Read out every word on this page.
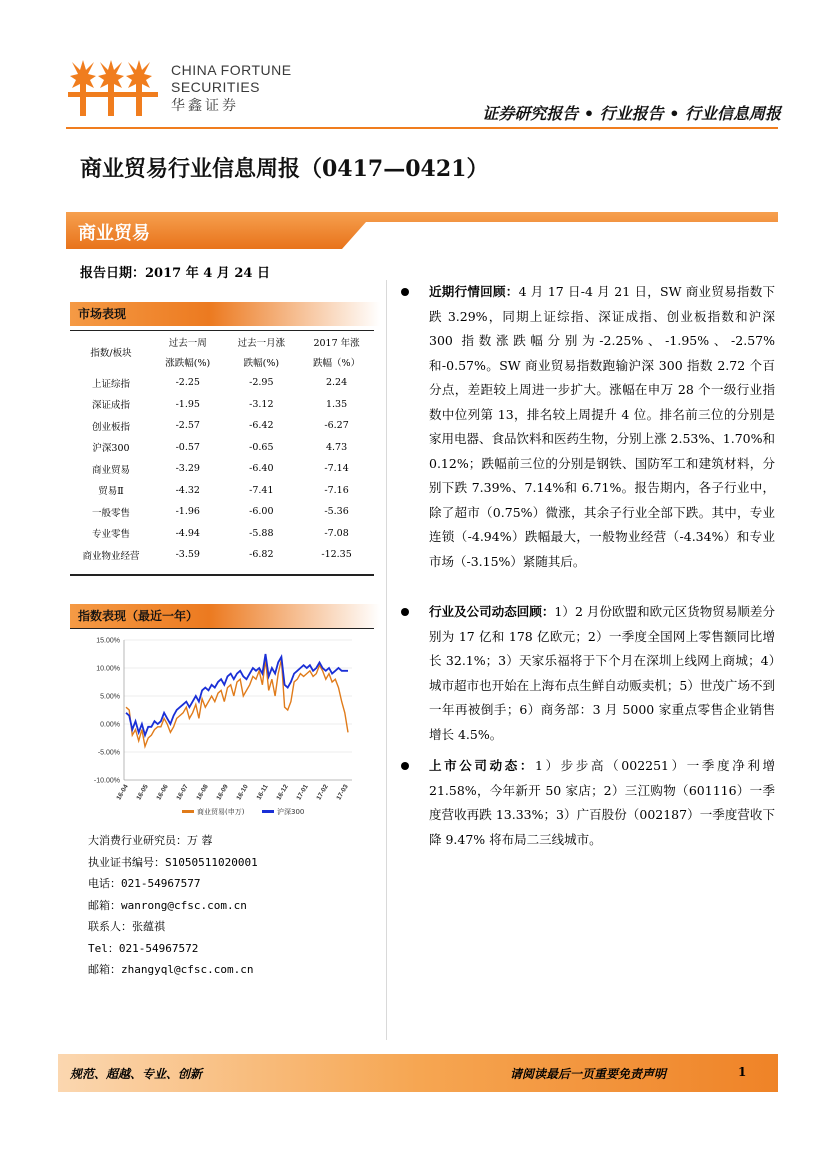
CHINA FORTUNE
SECURITIES
华鑫证券	证券研究报告 • 行业报告 • 行业信息周报
商业贸易行业信息周报（0417—0421）
商业贸易
报告日期：2017 年 4 月 24 日
市场表现
指数/板块	过去一周	过去一月涨	2017 年涨
	涨跌幅(%)	跌幅(%)	跌幅（%）
上证综指	-2.25	-2.95	2.24
深证成指	-1.95	-3.12	1.35
创业板指	-2.57	-6.42	-6.27
沪深300	-0.57	-0.65	4.73
商业贸易	-3.29	-6.40	-7.14
贸易Ⅱ	-4.32	-7.41	-7.16
一般零售	-1.96	-6.00	-5.36
专业零售	-4.94	-5.88	-7.08
商业物业经营	-3.59	-6.82	-12.35
指数表现（最近一年）
15.00%
10.00%
5.00%
0.00%
-5.00%
-10.00%
16-04 16-05 16-06 16-07 16-08 16-09 16-10 16-11 16-12 17-01 17-02 17-03
商业贸易(申万)	沪深300
大消费行业研究员：万 蓉
执业证书编号：S1050511020001
电话：021-54967577
邮箱：wanrong@cfsc.com.cn
联系人：张蕴祺
Tel：021-54967572
邮箱：zhangyql@cfsc.com.cn
近期行情回顾：4 月 17 日-4 月 21 日，SW 商业贸易指数下跌 3.29%，同期上证综指、深证成指、创业板指数和沪深 300 指数涨跌幅分别为-2.25%、-1.95%、-2.57%和-0.57%。SW 商业贸易指数跑输沪深 300 指数 2.72 个百分点，差距较上周进一步扩大。涨幅在申万 28 个一级行业指数中位列第 13，排名较上周提升 4 位。排名前三位的分别是家用电器、食品饮料和医药生物，分别上涨 2.53%、1.70%和 0.12%；跌幅前三位的分别是钢铁、国防军工和建筑材料，分别下跌 7.39%、7.14%和 6.71%。报告期内，各子行业中，除了超市（0.75%）微涨，其余子行业全部下跌。其中，专业连锁（-4.94%）跌幅最大，一般物业经营（-4.34%）和专业市场（-3.15%）紧随其后。
行业及公司动态回顾：1）2 月份欧盟和欧元区货物贸易顺差分别为 17 亿和 178 亿欧元；2）一季度全国网上零售额同比增长 32.1%；3）天家乐福将于下个月在深圳上线网上商城；4）城市超市也开始在上海布点生鲜自动贩卖机；5）世茂广场不到一年再被倒手；6）商务部：3 月 5000 家重点零售企业销售增长 4.5%。
上市公司动态：1）步步高（002251）一季度净利增 21.58%，今年新开 50 家店；2）三江购物（601116）一季度营收再跌 13.33%；3）广百股份（002187）一季度营收下降 9.47% 将布局二三线城市。
规范、超越、专业、创新	请阅读最后一页重要免责声明	1
